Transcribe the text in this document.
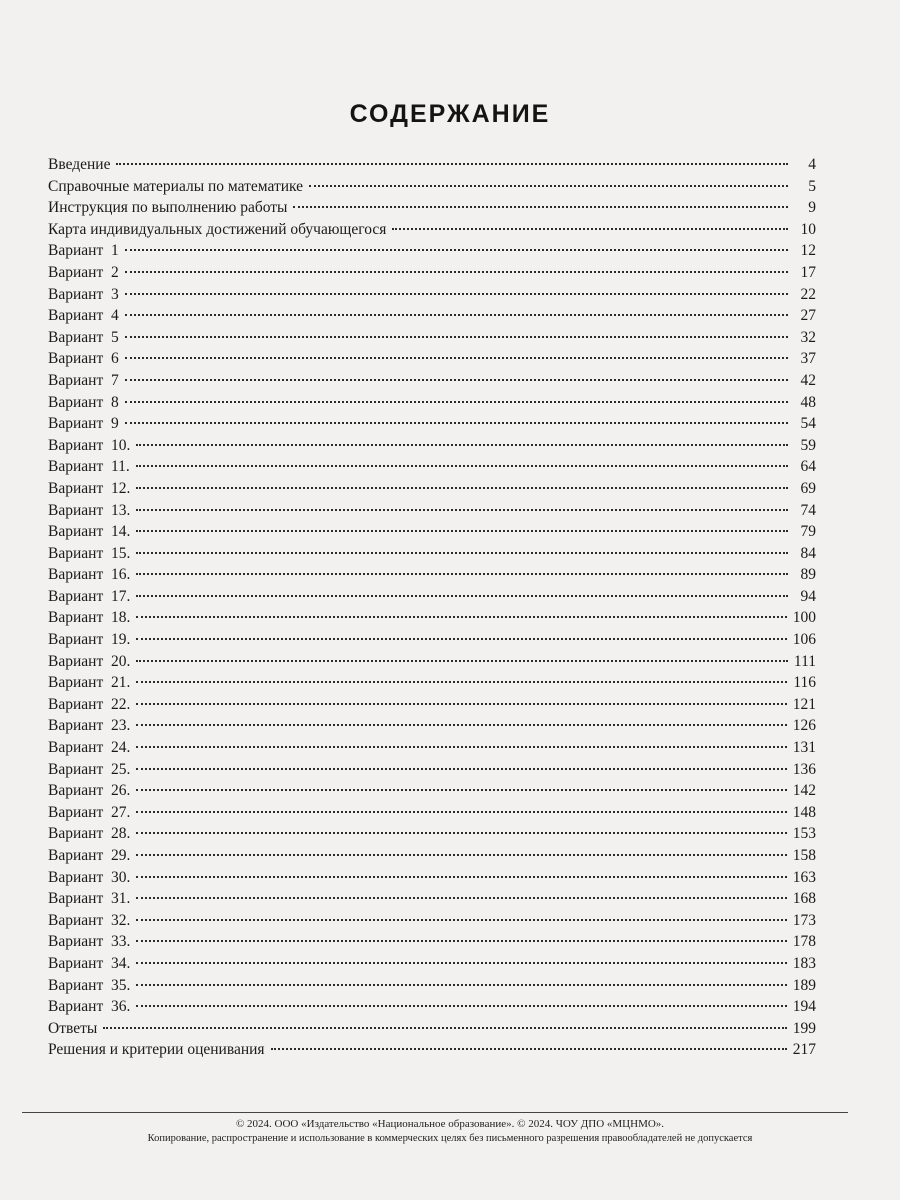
СОДЕРЖАНИЕ
Введение	4
Справочные материалы по математике	5
Инструкция по выполнению работы	9
Карта индивидуальных достижений обучающегося	10
Вариант  1	12
Вариант  2	17
Вариант  3	22
Вариант  4	27
Вариант  5	32
Вариант  6	37
Вариант  7	42
Вариант  8	48
Вариант  9	54
Вариант  10.	59
Вариант  11.	64
Вариант  12.	69
Вариант  13.	74
Вариант  14.	79
Вариант  15.	84
Вариант  16.	89
Вариант  17.	94
Вариант  18.	100
Вариант  19.	106
Вариант  20.	111
Вариант  21.	116
Вариант  22.	121
Вариант  23.	126
Вариант  24.	131
Вариант  25.	136
Вариант  26.	142
Вариант  27.	148
Вариант  28.	153
Вариант  29.	158
Вариант  30.	163
Вариант  31.	168
Вариант  32.	173
Вариант  33.	178
Вариант  34.	183
Вариант  35.	189
Вариант  36.	194
Ответы	199
Решения и критерии оценивания	217
© 2024. ООО «Издательство «Национальное образование». © 2024. ЧОУ ДПО «МЦНМО».
Копирование, распространение и использование в коммерческих целях без письменного разрешения правообладателей не допускается
